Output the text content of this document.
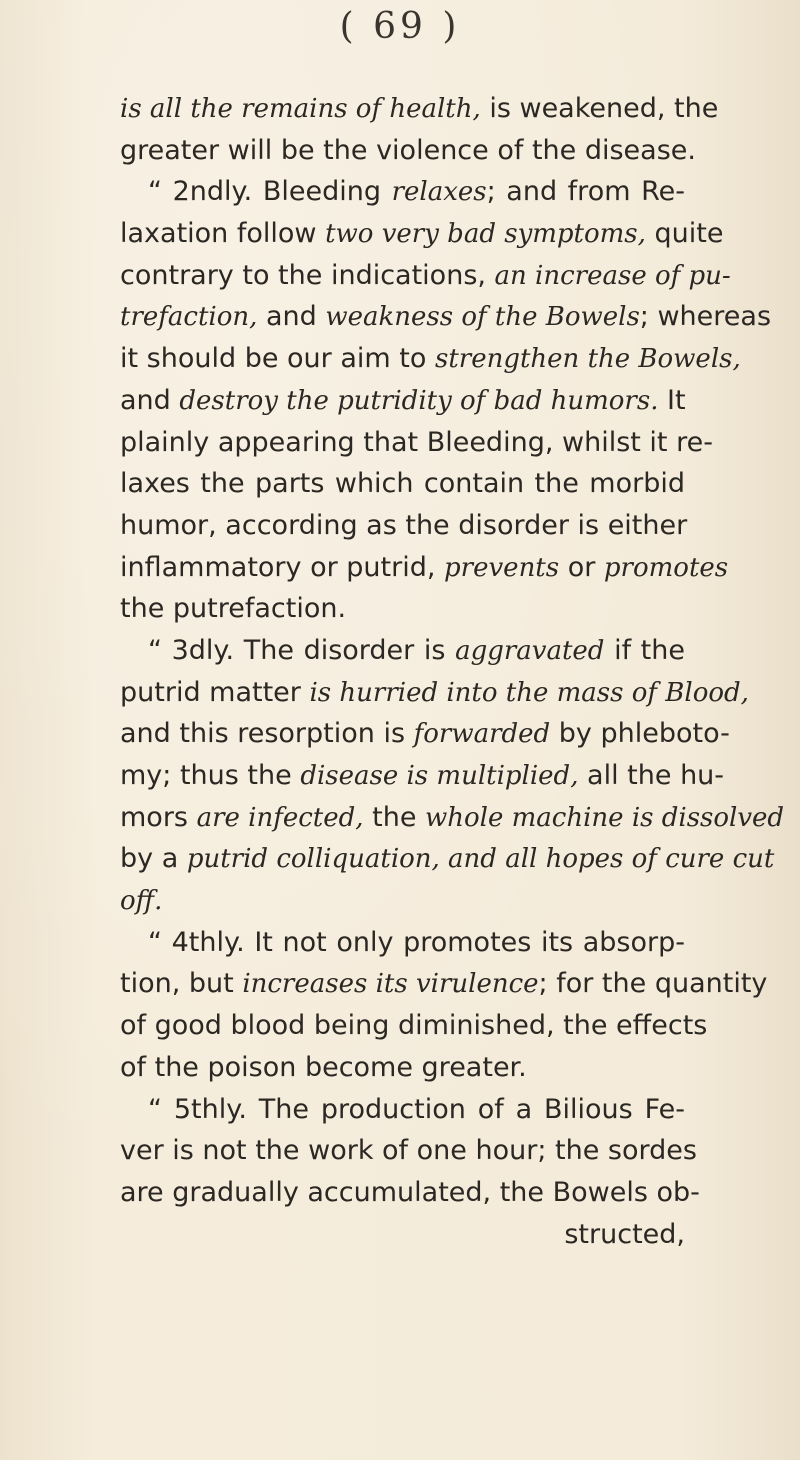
( 69 )
is all the remains of health, is weakened, the
greater will be the violence of the disease.
“ 2ndly. Bleeding relaxes; and from Re-
laxation follow two very bad symptoms, quite
contrary to the indications, an increase of pu-
trefaction, and weakness of the Bowels; whereas
it should be our aim to strengthen the Bowels,
and destroy the putridity of bad humors. It
plainly appearing that Bleeding, whilst it re-
laxes the parts which contain the morbid
humor, according as the disorder is either
inflammatory or putrid, prevents or promotes
the putrefaction.
“ 3dly. The disorder is aggravated if the
putrid matter is hurried into the mass of Blood,
and this resorption is forwarded by phleboto-
my; thus the disease is multiplied, all the hu-
mors are infected, the whole machine is dissolved
by a putrid colliquation, and all hopes of cure cut
off.
“ 4thly. It not only promotes its absorp-
tion, but increases its virulence; for the quantity
of good blood being diminished, the effects
of the poison become greater.
“ 5thly. The production of a Bilious Fe-
ver is not the work of one hour; the sordes
are gradually accumulated, the Bowels ob-
structed,
